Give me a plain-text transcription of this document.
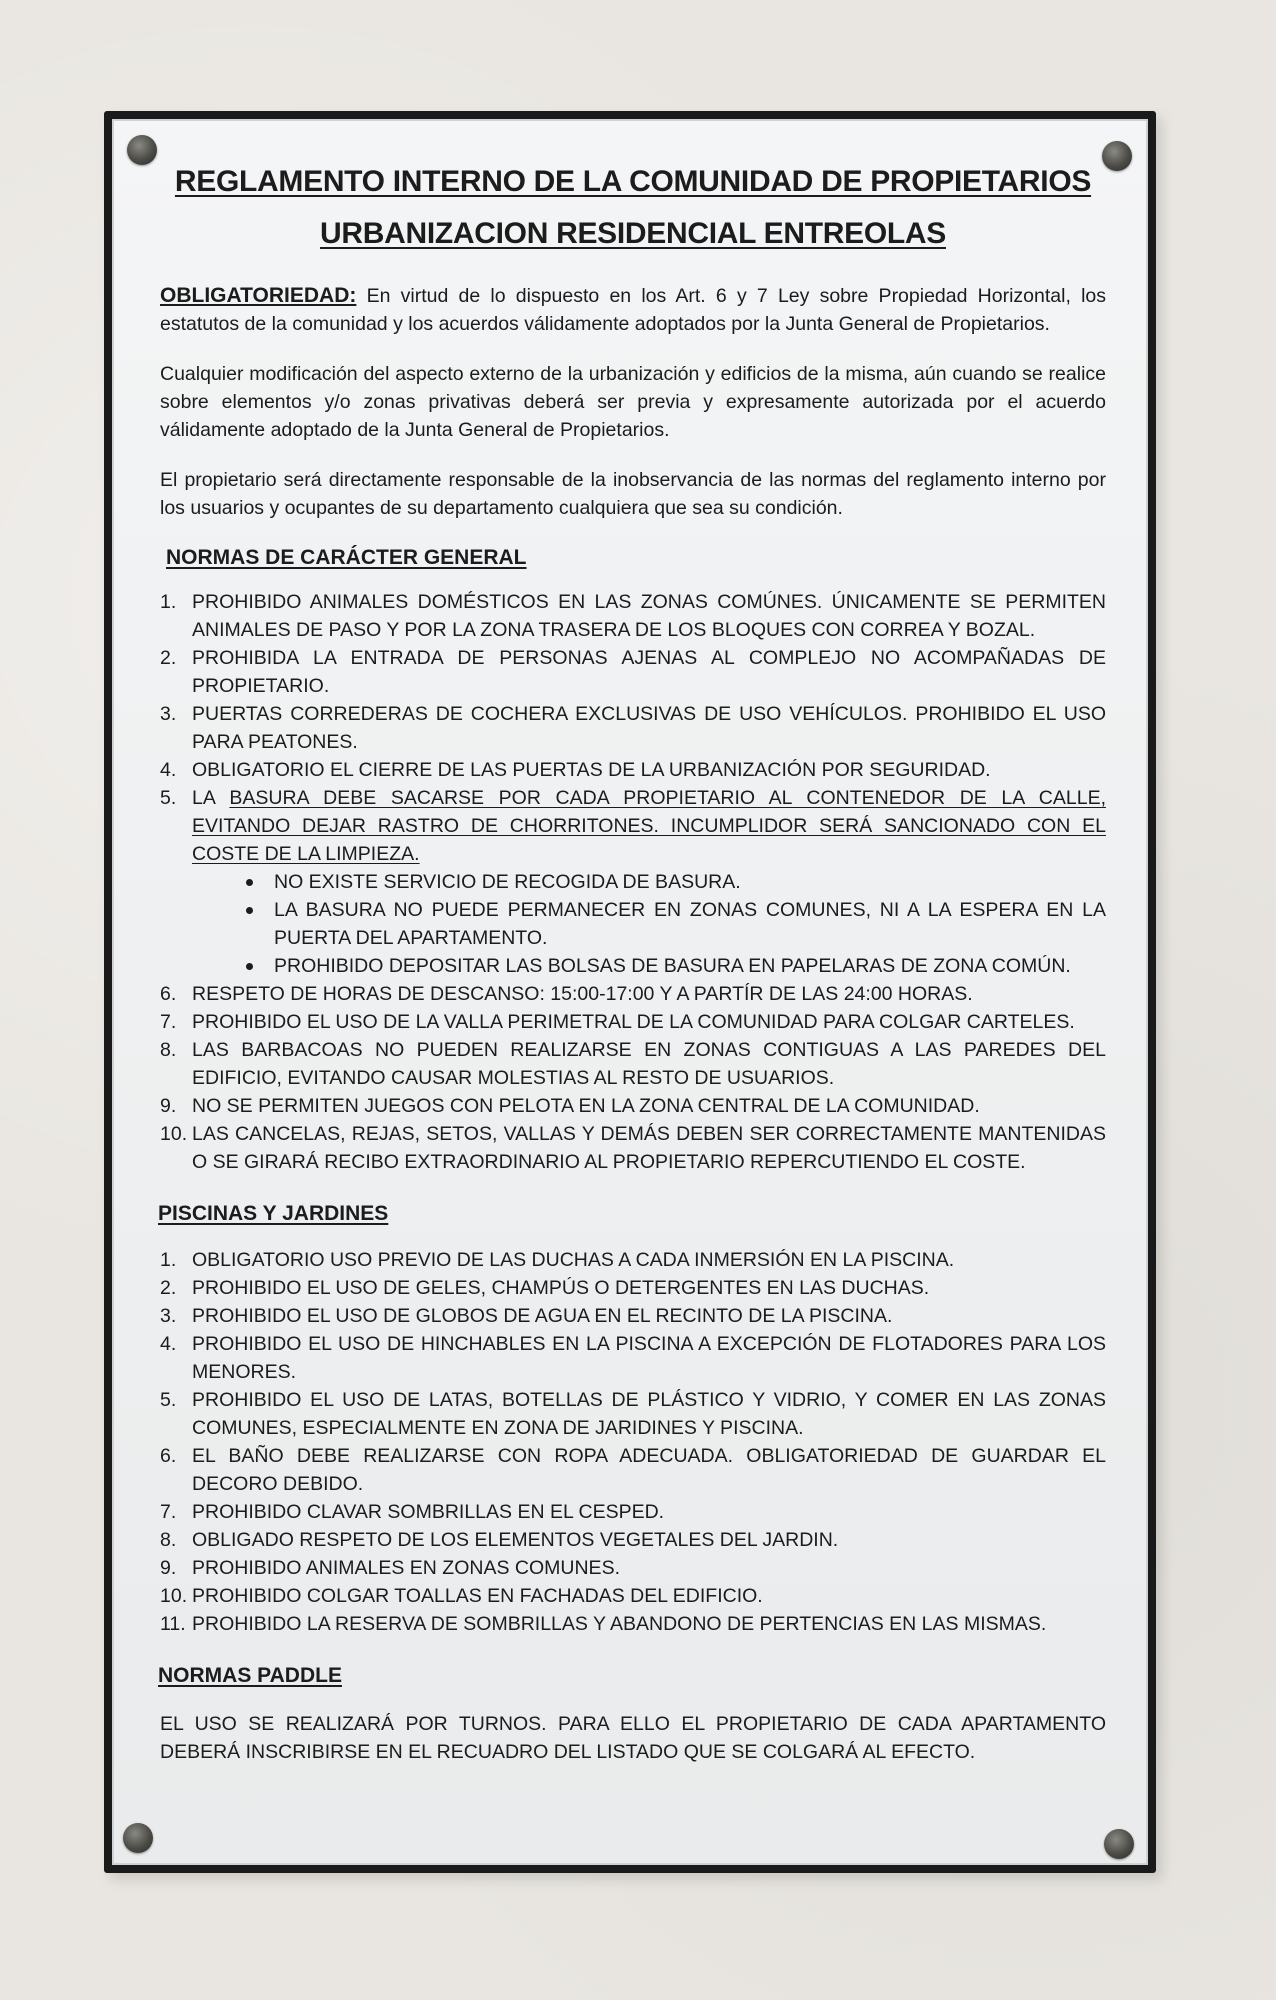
REGLAMENTO INTERNO DE LA COMUNIDAD DE PROPIETARIOS
URBANIZACION RESIDENCIAL ENTREOLAS

OBLIGATORIEDAD: En virtud de lo dispuesto en los Art. 6 y 7 Ley sobre Propiedad Horizontal, los estatutos de la comunidad y los acuerdos válidamente adoptados por la Junta General de Propietarios.

Cualquier modificación del aspecto externo de la urbanización y edificios de la misma, aún cuando se realice sobre elementos y/o zonas privativas deberá ser previa y expresamente autorizada por el acuerdo válidamente adoptado de la Junta General de Propietarios.

El propietario será directamente responsable de la inobservancia de las normas del reglamento interno por los usuarios y ocupantes de su departamento cualquiera que sea su condición.

NORMAS DE CARÁCTER GENERAL
1. PROHIBIDO ANIMALES DOMÉSTICOS EN LAS ZONAS COMÚNES. ÚNICAMENTE SE PERMITEN ANIMALES DE PASO Y POR LA ZONA TRASERA DE LOS BLOQUES CON CORREA Y BOZAL.
2. PROHIBIDA LA ENTRADA DE PERSONAS AJENAS AL COMPLEJO NO ACOMPAÑADAS DE PROPIETARIO.
3. PUERTAS CORREDERAS DE COCHERA EXCLUSIVAS DE USO VEHÍCULOS. PROHIBIDO EL USO PARA PEATONES.
4. OBLIGATORIO EL CIERRE DE LAS PUERTAS DE LA URBANIZACIÓN POR SEGURIDAD.
5. LA BASURA DEBE SACARSE POR CADA PROPIETARIO AL CONTENEDOR DE LA CALLE, EVITANDO DEJAR RASTRO DE CHORRITONES. INCUMPLIDOR SERÁ SANCIONADO CON EL COSTE DE LA LIMPIEZA.
NO EXISTE SERVICIO DE RECOGIDA DE BASURA.
LA BASURA NO PUEDE PERMANECER EN ZONAS COMUNES, NI A LA ESPERA EN LA PUERTA DEL APARTAMENTO.
PROHIBIDO DEPOSITAR LAS BOLSAS DE BASURA EN PAPELARAS DE ZONA COMÚN.
6. RESPETO DE HORAS DE DESCANSO: 15:00-17:00 Y A PARTÍR DE LAS 24:00 HORAS.
7. PROHIBIDO EL USO DE LA VALLA PERIMETRAL DE LA COMUNIDAD PARA COLGAR CARTELES.
8. LAS BARBACOAS NO PUEDEN REALIZARSE EN ZONAS CONTIGUAS A LAS PAREDES DEL EDIFICIO, EVITANDO CAUSAR MOLESTIAS AL RESTO DE USUARIOS.
9. NO SE PERMITEN JUEGOS CON PELOTA EN LA ZONA CENTRAL DE LA COMUNIDAD.
10. LAS CANCELAS, REJAS, SETOS, VALLAS Y DEMÁS DEBEN SER CORRECTAMENTE MANTENIDAS O SE GIRARÁ RECIBO EXTRAORDINARIO AL PROPIETARIO REPERCUTIENDO EL COSTE.
PISCINAS Y JARDINES
1. OBLIGATORIO USO PREVIO DE LAS DUCHAS A CADA INMERSIÓN EN LA PISCINA.
2. PROHIBIDO EL USO DE GELES, CHAMPÚS O DETERGENTES EN LAS DUCHAS.
3. PROHIBIDO EL USO DE GLOBOS DE AGUA EN EL RECINTO DE LA PISCINA.
4. PROHIBIDO EL USO DE HINCHABLES EN LA PISCINA A EXCEPCIÓN DE FLOTADORES PARA LOS MENORES.
5. PROHIBIDO EL USO DE LATAS, BOTELLAS DE PLÁSTICO Y VIDRIO, Y COMER EN LAS ZONAS COMUNES, ESPECIALMENTE EN ZONA DE JARIDINES Y PISCINA.
6. EL BAÑO DEBE REALIZARSE CON ROPA ADECUADA. OBLIGATORIEDAD DE GUARDAR EL DECORO DEBIDO.
7. PROHIBIDO CLAVAR SOMBRILLAS EN EL CESPED.
8. OBLIGADO RESPETO DE LOS ELEMENTOS VEGETALES DEL JARDIN.
9. PROHIBIDO ANIMALES EN ZONAS COMUNES.
10. PROHIBIDO COLGAR TOALLAS EN FACHADAS DEL EDIFICIO.
11. PROHIBIDO LA RESERVA DE SOMBRILLAS Y ABANDONO DE PERTENCIAS EN LAS MISMAS.
NORMAS PADDLE

EL USO SE REALIZARÁ POR TURNOS. PARA ELLO EL PROPIETARIO DE CADA APARTAMENTO DEBERÁ INSCRIBIRSE EN EL RECUADRO DEL LISTADO QUE SE COLGARÁ AL EFECTO.
